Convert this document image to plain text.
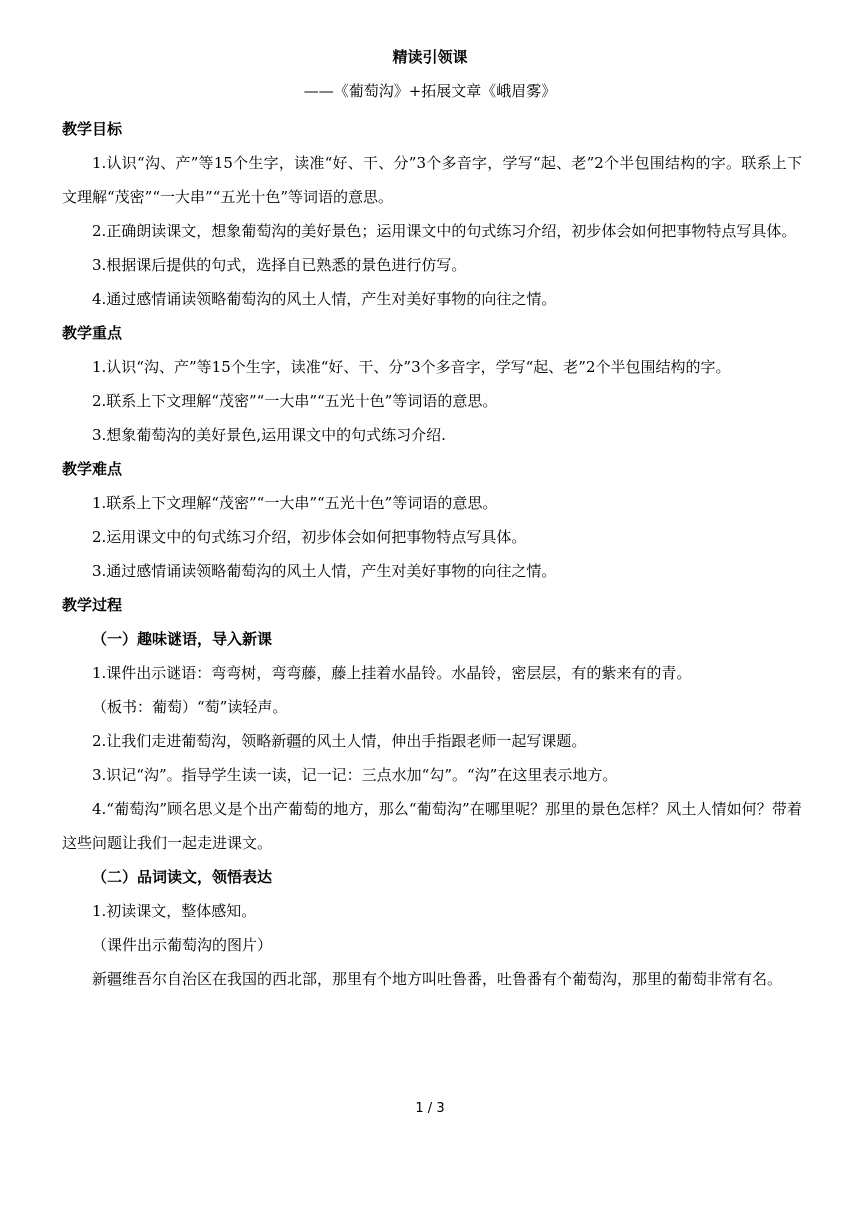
精读引领课
——《葡萄沟》+拓展文章《峨眉雾》

教学目标

1.认识“沟、产”等15个生字，读准“好、干、分”3个多音字，学写“起、老”2个半包围结构的字。联系上下文理解“茂密”“一大串”“五光十色”等词语的意思。

2.正确朗读课文，想象葡萄沟的美好景色；运用课文中的句式练习介绍，初步体会如何把事物特点写具体。

3.根据课后提供的句式，选择自已熟悉的景色进行仿写。

4.通过感情诵读领略葡萄沟的风土人情，产生对美好事物的向往之情。

教学重点

1.认识“沟、产”等15个生字，读准“好、干、分”3个多音字，学写“起、老”2个半包围结构的字。

2.联系上下文理解“茂密”“一大串”“五光十色”等词语的意思。

3.想象葡萄沟的美好景色,运用课文中的句式练习介绍.

教学难点

1.联系上下文理解“茂密”“一大串”“五光十色”等词语的意思。

2.运用课文中的句式练习介绍，初步体会如何把事物特点写具体。

3.通过感情诵读领略葡萄沟的风土人情，产生对美好事物的向往之情。

教学过程

（一）趣味谜语，导入新课

1.课件出示谜语：弯弯树，弯弯藤，藤上挂着水晶铃。水晶铃，密层层，有的紫来有的青。

（板书：葡萄）“萄”读轻声。

2.让我们走进葡萄沟，领略新疆的风土人情，伸出手指跟老师一起写课题。

3.识记“沟”。指导学生读一读，记一记：三点水加“勾”。“沟”在这里表示地方。

4.“葡萄沟”顾名思义是个出产葡萄的地方，那么“葡萄沟”在哪里呢？那里的景色怎样？风土人情如何？带着这些问题让我们一起走进课文。

（二）品词读文，领悟表达

1.初读课文，整体感知。

（课件出示葡萄沟的图片）

新疆维吾尔自治区在我国的西北部，那里有个地方叫吐鲁番，吐鲁番有个葡萄沟，那里的葡萄非常有名。

1 / 3
